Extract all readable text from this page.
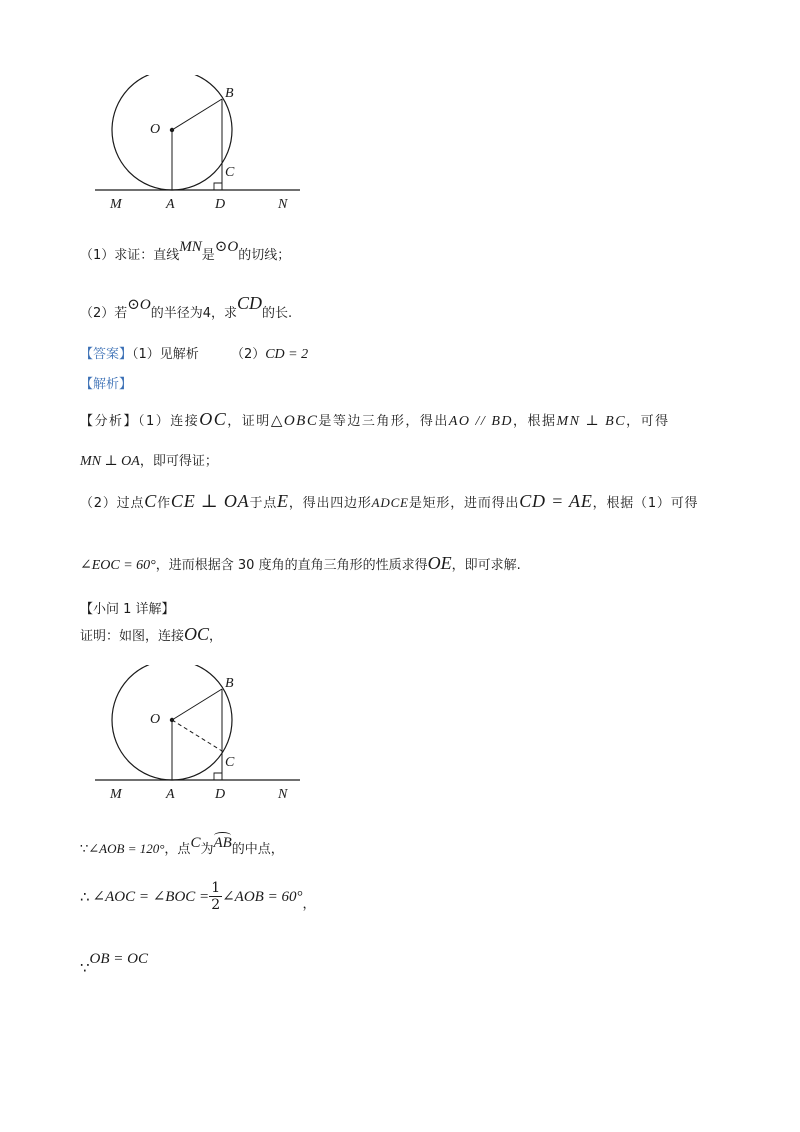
O
B
C
M	A	D	N
（1）求证：直线MN是⊙O的切线；
（2）若⊙O的半径为4，求CD的长.
【答案】（1）见解析 （2）CD = 2
【解析】
【分析】（1）连接OC，证明△OBC是等边三角形，得出AO // BD，根据MN ⊥ BC，可得
MN ⊥ OA，即可得证；
（2）过点C作CE ⊥ OA于点E，得出四边形ADCE是矩形，进而得出CD = AE，根据（1）可得
∠EOC = 60°，进而根据含 30 度角的直角三角形的性质求得OE，即可求解.
【小问 1 详解】
证明：如图，连接OC，
O
B
C
M	A	D	N
∵∠AOB = 120°，点C为AB的中点，
∴ ∠AOC = ∠BOC = $\frac{1}{2}$ ∠AOB = 60° ，
∵OB = OC
